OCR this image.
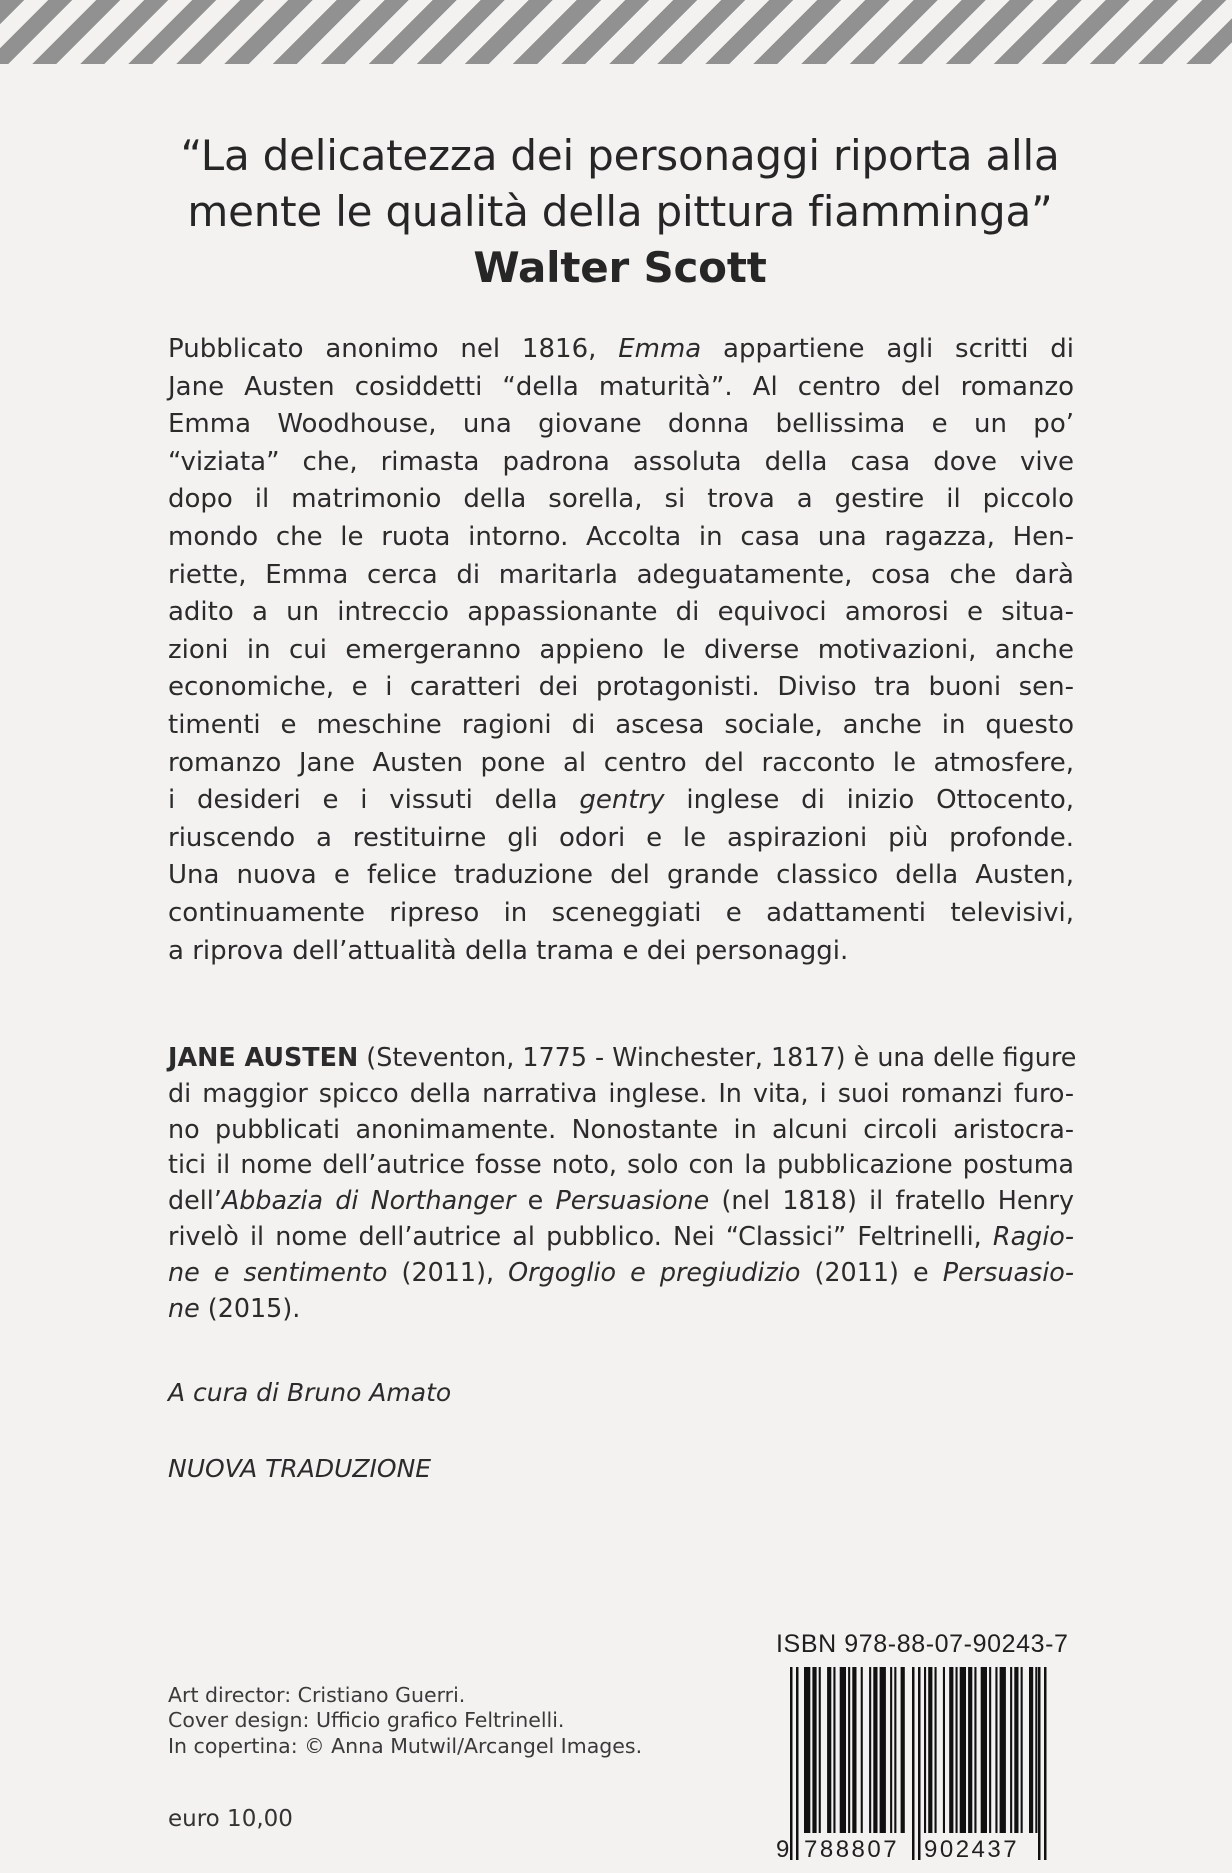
“La delicatezza dei personaggi riporta alla
mente le qualità della pittura fiamminga”
Walter Scott
Pubblicato anonimo nel 1816, Emma appartiene agli scritti di
Jane Austen cosiddetti “della maturità”. Al centro del romanzo
Emma Woodhouse, una giovane donna bellissima e un po’
“viziata” che, rimasta padrona assoluta della casa dove vive
dopo il matrimonio della sorella, si trova a gestire il piccolo
mondo che le ruota intorno. Accolta in casa una ragazza, Hen-
riette, Emma cerca di maritarla adeguatamente, cosa che darà
adito a un intreccio appassionante di equivoci amorosi e situa-
zioni in cui emergeranno appieno le diverse motivazioni, anche
economiche, e i caratteri dei protagonisti. Diviso tra buoni sen-
timenti e meschine ragioni di ascesa sociale, anche in questo
romanzo Jane Austen pone al centro del racconto le atmosfere,
i desideri e i vissuti della gentry inglese di inizio Ottocento,
riuscendo a restituirne gli odori e le aspirazioni più profonde.
Una nuova e felice traduzione del grande classico della Austen,
continuamente ripreso in sceneggiati e adattamenti televisivi,
a riprova dell’attualità della trama e dei personaggi.
JANE AUSTEN (Steventon, 1775 - Winchester, 1817) è una delle figure
di maggior spicco della narrativa inglese. In vita, i suoi romanzi furo-
no pubblicati anonimamente. Nonostante in alcuni circoli aristocra-
tici il nome dell’autrice fosse noto, solo con la pubblicazione postuma
dell’Abbazia di Northanger e Persuasione (nel 1818) il fratello Henry
rivelò il nome dell’autrice al pubblico. Nei “Classici” Feltrinelli, Ragio-
ne e sentimento (2011), Orgoglio e pregiudizio (2011) e Persuasio-
ne (2015).
A cura di Bruno Amato
NUOVA TRADUZIONE
Art director: Cristiano Guerri.
Cover design: Ufficio grafico Feltrinelli.
In copertina: © Anna Mutwil/Arcangel Images.
euro 10,00
ISBN 978-88-07-90243-7
9 788807 902437
